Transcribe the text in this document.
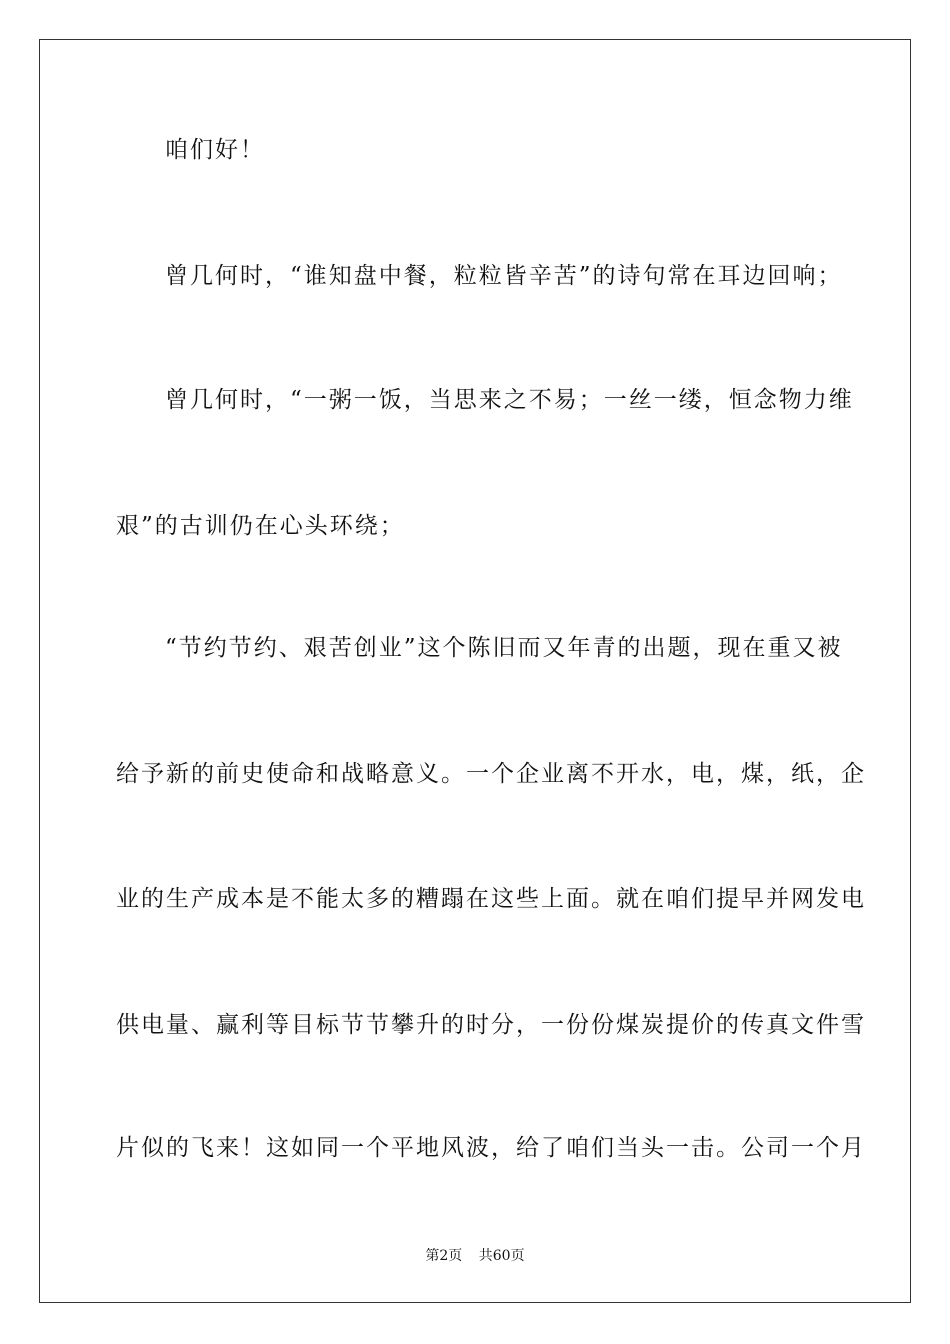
咱们好！
曾几何时，“谁知盘中餐，粒粒皆辛苦”的诗句常在耳边回响；
曾几何时，“一粥一饭，当思来之不易；一丝一缕，恒念物力维
艰”的古训仍在心头环绕；
“节约节约、艰苦创业”这个陈旧而又年青的出题，现在重又被
给予新的前史使命和战略意义。一个企业离不开水，电，煤，纸，企
业的生产成本是不能太多的糟蹋在这些上面。就在咱们提早并网发电
供电量、赢利等目标节节攀升的时分，一份份煤炭提价的传真文件雪
片似的飞来！这如同一个平地风波，给了咱们当头一击。公司一个月
第2页 共60页
